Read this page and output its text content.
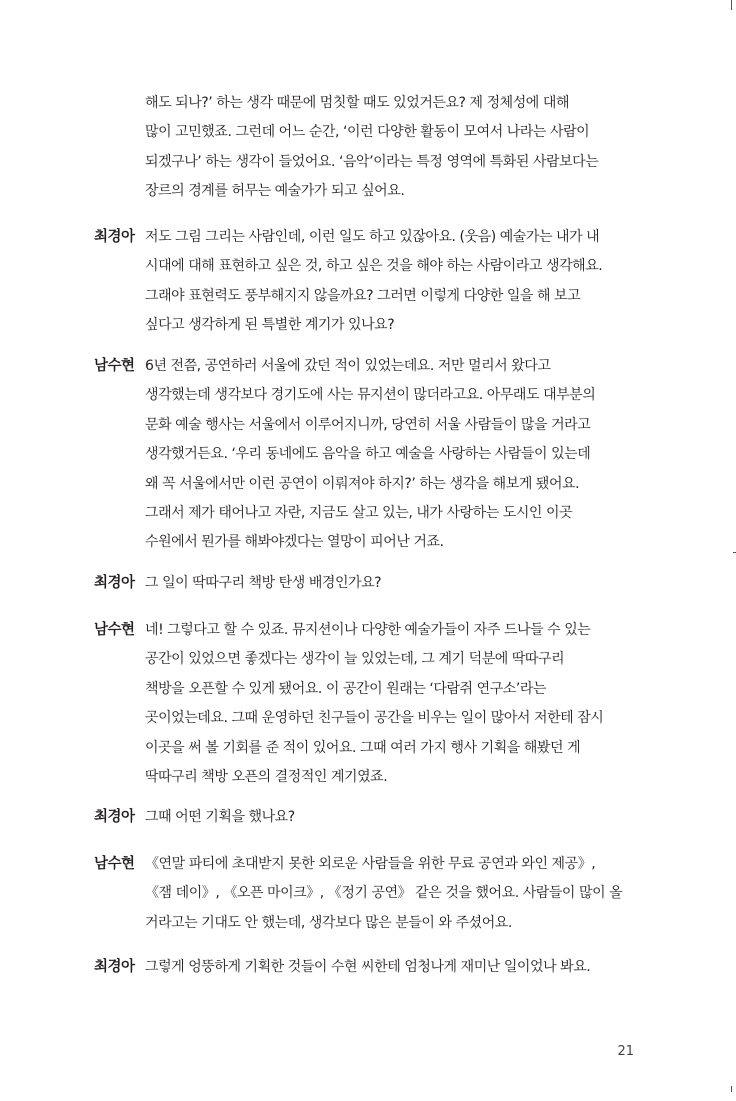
해도 되나?’ 하는 생각 때문에 멈칫할 때도 있었거든요? 제 정체성에 대해
많이 고민했죠. 그런데 어느 순간, ‘이런 다양한 활동이 모여서 나라는 사람이
되겠구나’ 하는 생각이 들었어요. ‘음악’이라는 특정 영역에 특화된 사람보다는
장르의 경계를 허무는 예술가가 되고 싶어요.
최경아 저도 그림 그리는 사람인데, 이런 일도 하고 있잖아요. (웃음) 예술가는 내가 내
시대에 대해 표현하고 싶은 것, 하고 싶은 것을 해야 하는 사람이라고 생각해요.
그래야 표현력도 풍부해지지 않을까요? 그러면 이렇게 다양한 일을 해 보고
싶다고 생각하게 된 특별한 계기가 있나요?
남수현 6년 전쯤, 공연하러 서울에 갔던 적이 있었는데요. 저만 멀리서 왔다고
생각했는데 생각보다 경기도에 사는 뮤지션이 많더라고요. 아무래도 대부분의
문화 예술 행사는 서울에서 이루어지니까, 당연히 서울 사람들이 많을 거라고
생각했거든요. ‘우리 동네에도 음악을 하고 예술을 사랑하는 사람들이 있는데
왜 꼭 서울에서만 이런 공연이 이뤄져야 하지?’ 하는 생각을 해보게 됐어요.
그래서 제가 태어나고 자란, 지금도 살고 있는, 내가 사랑하는 도시인 이곳
수원에서 뭔가를 해봐야겠다는 열망이 피어난 거죠.
최경아 그 일이 딱따구리 책방 탄생 배경인가요?
남수현 네! 그렇다고 할 수 있죠. 뮤지션이나 다양한 예술가들이 자주 드나들 수 있는
공간이 있었으면 좋겠다는 생각이 늘 있었는데, 그 계기 덕분에 딱따구리
책방을 오픈할 수 있게 됐어요. 이 공간이 원래는 ‘다람쥐 연구소’라는
곳이었는데요. 그때 운영하던 친구들이 공간을 비우는 일이 많아서 저한테 잠시
이곳을 써 볼 기회를 준 적이 있어요. 그때 여러 가지 행사 기획을 해봤던 게
딱따구리 책방 오픈의 결정적인 계기였죠.
최경아 그때 어떤 기획을 했나요?
남수현 《연말 파티에 초대받지 못한 외로운 사람들을 위한 무료 공연과 와인 제공》,
《잼 데이》, 《오픈 마이크》, 《정기 공연》 같은 것을 했어요. 사람들이 많이 올
거라고는 기대도 안 했는데, 생각보다 많은 분들이 와 주셨어요.
최경아 그렇게 엉뚱하게 기획한 것들이 수현 씨한테 엄청나게 재미난 일이었나 봐요.
21
